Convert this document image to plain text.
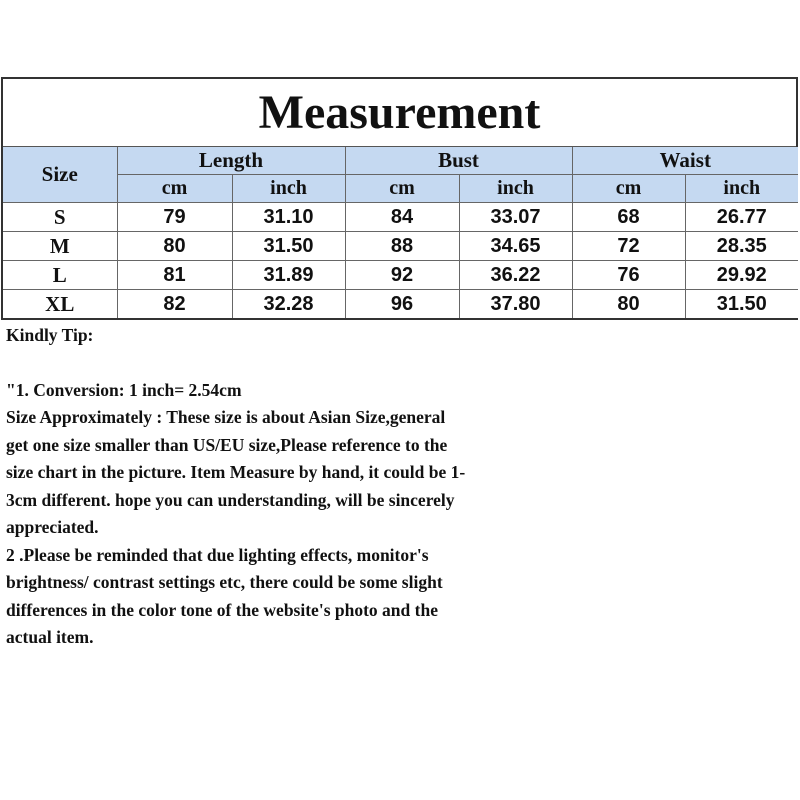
Measurement
Size	Length		Bust		Waist	
	cm	inch	cm	inch	cm	inch
S	79	31.10	84	33.07	68	26.77
M	80	31.50	88	34.65	72	28.35
L	81	31.89	92	36.22	76	29.92
XL	82	32.28	96	37.80	80	31.50

Kindly Tip:

"1. Conversion: 1 inch= 2.54cm

Size Approximately : These size is about Asian Size,general

get one size smaller than US/EU size,Please reference to the

size chart in the picture. Item Measure by hand, it could be 1-

3cm different. hope you can understanding, will be sincerely

appreciated.

2 .Please be reminded that due lighting effects, monitor's

brightness/ contrast settings etc, there could be some slight

differences in the color tone of the website's photo and the

actual item.
